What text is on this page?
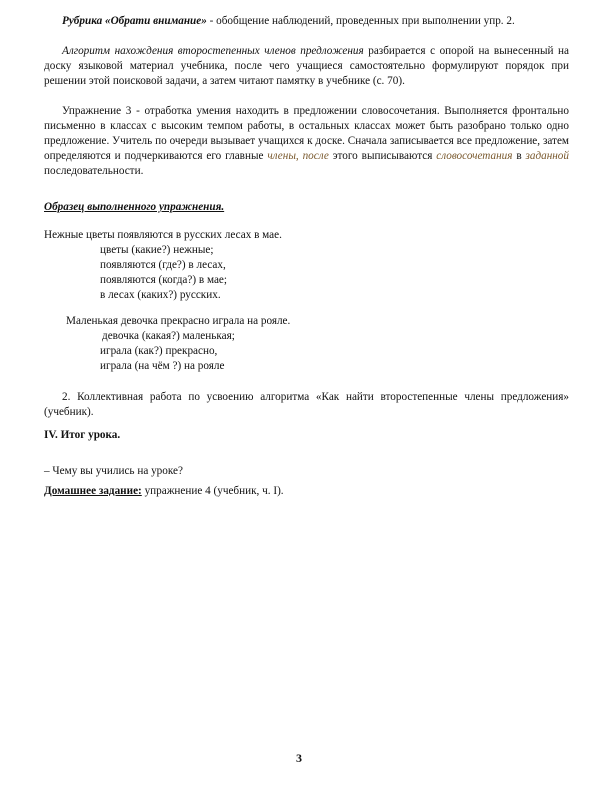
Рубрика «Обрати внимание» - обобщение наблюдений, проведенных при выполнении упр. 2.

Алгоритм нахождения второстепенных членов предложения разбирается с опорой на вынесенный на доску языковой материал учебника, после чего учащиеся самостоятельно формулируют порядок при решении этой поисковой задачи, а затем читают памятку в учебнике (с. 70).

Упражнение 3 - отработка умения находить в предложении словосочетания. Выполняется фронтально письменно в классах с высоким темпом работы, в остальных классах может быть разобрано только одно предложение. Учитель по очереди вызывает учащихся к доске. Сначала записывается все предложение, затем определяются и подчеркиваются его главные члены, после этого выписываются словосочетания в заданной последовательности.

Образец выполненного упражнения.

Нежные цветы появляются в русских лесах в мае.

цветы (какие?) нежные;

появляются (где?) в лесах,

появляются (когда?) в мае;

в лесах (каких?) русских.

Маленькая девочка прекрасно играла на рояле.

девочка (какая?) маленькая;

играла (как?) прекрасно,

играла (на чём ?) на рояле

2. Коллективная работа по усвоению алгоритма «Как найти второстепенные члены предложения» (учебник).

IV. Итог урока.

– Чему вы учились на уроке?

Домашнее задание: упражнение 4 (учебник, ч. I).

3
